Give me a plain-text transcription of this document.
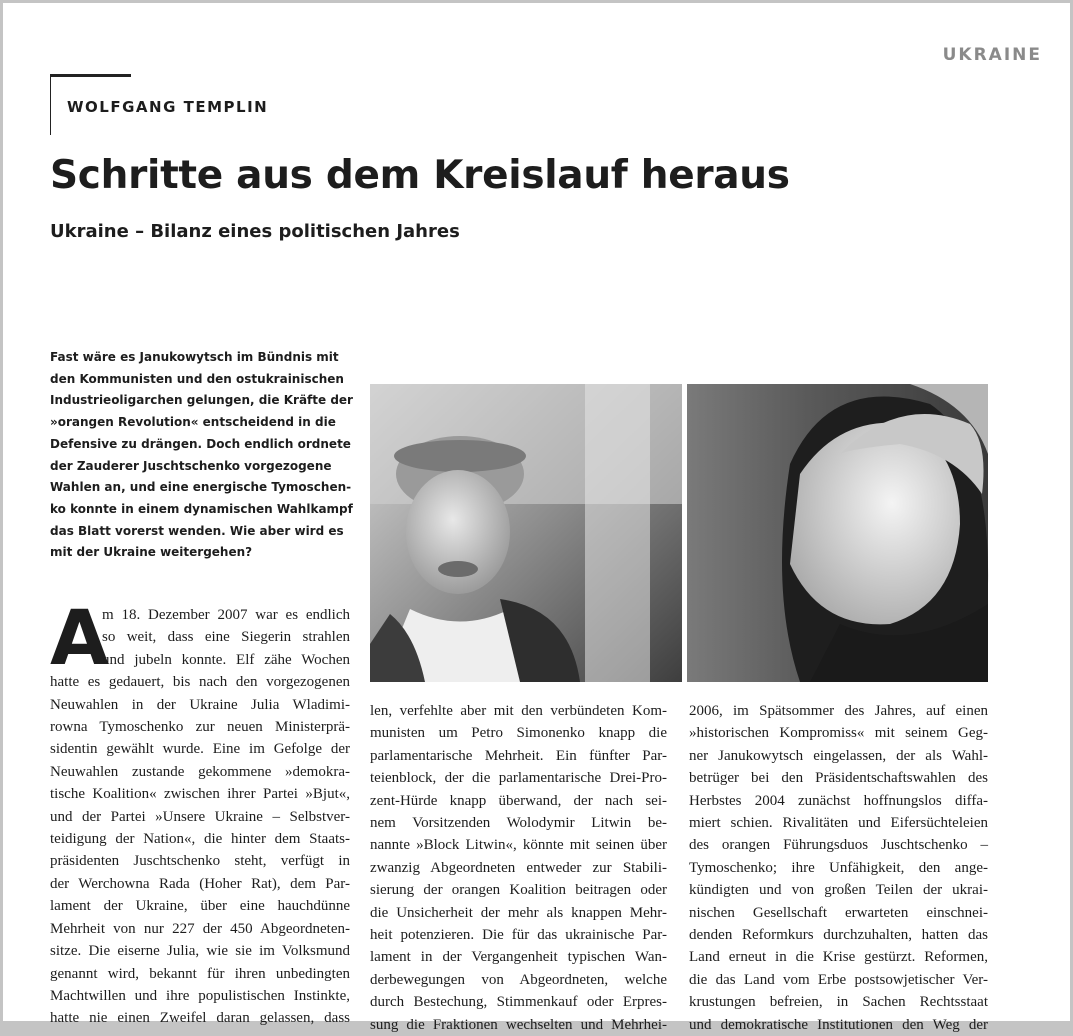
UKRAINE
WOLFGANG TEMPLIN
Schritte aus dem Kreislauf heraus
Ukraine – Bilanz eines politischen Jahres
Fast wäre es Janukowytsch im Bündnis mit
den Kommunisten und den ostukrainischen
Industrieoligarchen gelungen, die Kräfte der
»orangen Revolution« entscheidend in die
Defensive zu drängen. Doch endlich ordnete
der Zauderer Juschtschenko vorgezogene
Wahlen an, und eine energische Tymoschen-
ko konnte in einem dynamischen Wahlkampf
das Blatt vorerst wenden. Wie aber wird es
mit der Ukraine weitergehen?
A
m 18. Dezember 2007 war es endlich
so weit, dass eine Siegerin strahlen
und jubeln konnte. Elf zähe Wochen
hatte es gedauert, bis nach den vorgezogenen
Neuwahlen in der Ukraine Julia Wladimi-
rowna Tymoschenko zur neuen Ministerprä-
sidentin gewählt wurde. Eine im Gefolge der
Neuwahlen zustande gekommene »demokra-
tische Koalition« zwischen ihrer Partei »Bjut«,
und der Partei »Unsere Ukraine – Selbstver-
teidigung der Nation«, die hinter dem Staats-
präsidenten Juschtschenko steht, verfügt in
der Werchowna Rada (Hoher Rat), dem Par-
lament der Ukraine, über eine hauchdünne
Mehrheit von nur 227 der 450 Abgeordneten-
sitze. Die eiserne Julia, wie sie im Volksmund
genannt wird, bekannt für ihren unbedingten
Machtwillen und ihre populistischen Instinkte,
hatte nie einen Zweifel daran gelassen, dass
len, verfehlte aber mit den verbündeten Kom-
munisten um Petro Simonenko knapp die
parlamentarische Mehrheit. Ein fünfter Par-
teienblock, der die parlamentarische Drei-Pro-
zent-Hürde knapp überwand, der nach sei-
nem Vorsitzenden Wolodymir Litwin be-
nannte »Block Litwin«, könnte mit seinen über
zwanzig Abgeordneten entweder zur Stabili-
sierung der orangen Koalition beitragen oder
die Unsicherheit der mehr als knappen Mehr-
heit potenzieren. Die für das ukrainische Par-
lament in der Vergangenheit typischen Wan-
derbewegungen von Abgeordneten, welche
durch Bestechung, Stimmenkauf oder Erpres-
sung die Fraktionen wechselten und Mehrhei-
2006, im Spätsommer des Jahres, auf einen
»historischen Kompromiss« mit seinem Geg-
ner Janukowytsch eingelassen, der als Wahl-
betrüger bei den Präsidentschaftswahlen des
Herbstes 2004 zunächst hoffnungslos diffa-
miert schien. Rivalitäten und Eifersüchteleien
des orangen Führungsduos Juschtschenko –
Tymoschenko; ihre Unfähigkeit, den ange-
kündigten und von großen Teilen der ukrai-
nischen Gesellschaft erwarteten einschnei-
denden Reformkurs durchzuhalten, hatten das
Land erneut in die Krise gestürzt. Reformen,
die das Land vom Erbe postsowjetischer Ver-
krustungen befreien, in Sachen Rechtsstaat
und demokratische Institutionen den Weg der
